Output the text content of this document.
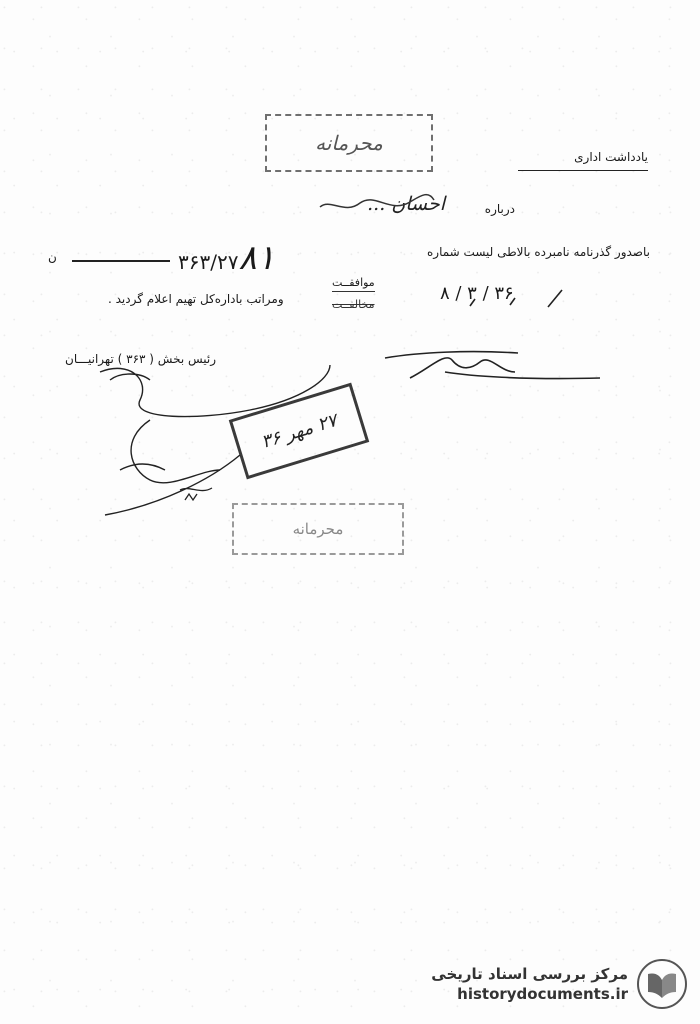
محرمانه
یادداشت اداری
درباره
احسان ...
باصدور گذرنامه نامبرده بالاطی لیست شماره
۳۶۳/۲۷۸۱
ن
موافقــت
مخالفــت
ومراتب باداره‌کل تهیم اعلام گردید .	۸ / ۳ / ۳۶
رئیس بخش ( ۳۶۳ ) تهرانیـــان
۲۷ مهر ۳۶
محرمانه
مرکز بررسی اسناد تاریخی
historydocuments.ir
